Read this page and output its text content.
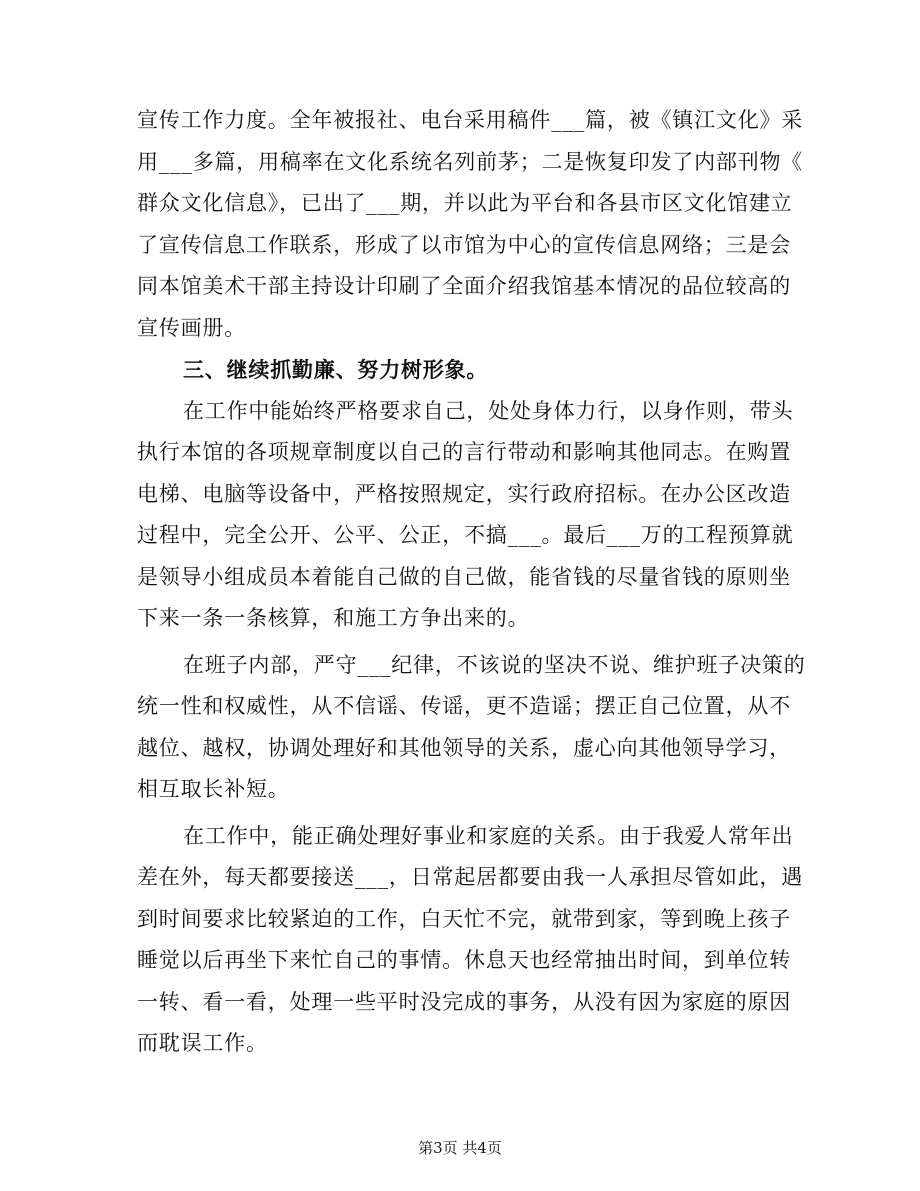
宣传工作力度。全年被报社、电台采用稿件___篇，被《镇江文化》采
用___多篇，用稿率在文化系统名列前茅；二是恢复印发了内部刊物《
群众文化信息》，已出了___期，并以此为平台和各县市区文化馆建立
了宣传信息工作联系，形成了以市馆为中心的宣传信息网络；三是会
同本馆美术干部主持设计印刷了全面介绍我馆基本情况的品位较高的
宣传画册。
三、继续抓勤廉、努力树形象。
在工作中能始终严格要求自己，处处身体力行，以身作则，带头
执行本馆的各项规章制度以自己的言行带动和影响其他同志。在购置
电梯、电脑等设备中，严格按照规定，实行政府招标。在办公区改造
过程中，完全公开、公平、公正，不搞___。最后___万的工程预算就
是领导小组成员本着能自己做的自己做，能省钱的尽量省钱的原则坐
下来一条一条核算，和施工方争出来的。
在班子内部，严守___纪律，不该说的坚决不说、维护班子决策的
统一性和权威性，从不信谣、传谣，更不造谣；摆正自己位置，从不
越位、越权，协调处理好和其他领导的关系，虚心向其他领导学习，
相互取长补短。
在工作中，能正确处理好事业和家庭的关系。由于我爱人常年出
差在外，每天都要接送___，日常起居都要由我一人承担尽管如此，遇
到时间要求比较紧迫的工作，白天忙不完，就带到家，等到晚上孩子
睡觉以后再坐下来忙自己的事情。休息天也经常抽出时间，到单位转
一转、看一看，处理一些平时没完成的事务，从没有因为家庭的原因
而耽误工作。
第3页 共4页
